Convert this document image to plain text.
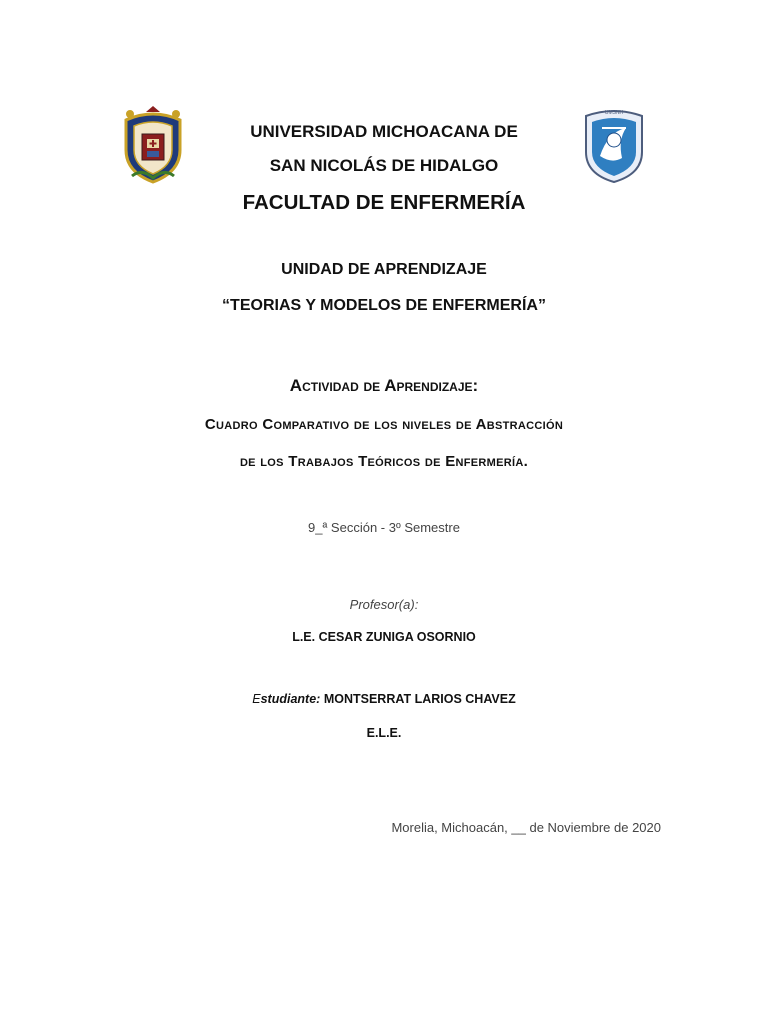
UMSNH
UNIVERSIDAD MICHOACANA DE
SAN NICOLÁS DE HIDALGO
FACULTAD DE ENFERMERÍA
UNIDAD DE APRENDIZAJE
“TEORIAS Y MODELOS DE ENFERMERÍA”
Actividad de Aprendizaje:
Cuadro Comparativo de los niveles de Abstracción
de los Trabajos Teóricos de Enfermería.
9_ª Sección - 3º Semestre
Profesor(a):
L.E. CESAR ZUNIGA OSORNIO
Estudiante: MONTSERRAT LARIOS CHAVEZ
E.L.E.
Morelia, Michoacán, __ de Noviembre de 2020
